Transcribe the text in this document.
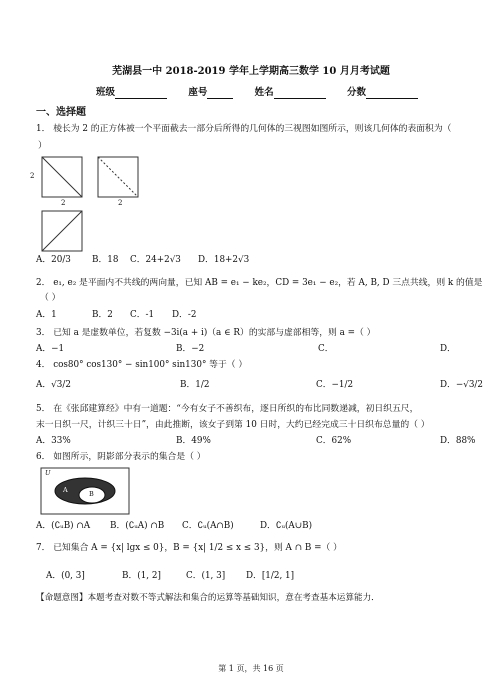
芜湖县一中 2018-2019 学年上学期高三数学 10 月月考试题
班级	座号	姓名	分数
一、选择题
1． 棱长为 2 的正方体被一个平面截去一部分后所得的几何体的三视图如图所示，则该几何体的表面积为（
）
2
2	2
A．20/3 B．18 C．24+2√3 D．18+2√3
2． e₁, e₂ 是平面内不共线的两向量，已知 AB = e₁ − ke₂，CD = 3e₁ − e₂，若 A, B, D 三点共线，则 k 的值是
（ ）
A．1	B．2 C．-1 D．-2
3． 已知 a 是虚数单位，若复数 −3i(a + i)（a ∈ R）的实部与虚部相等，则 a =（ ）
A．−1	B．−2	C．	D．
4． cos80° cos130° − sin100° sin130° 等于（ ）
A．√3/2	B．1/2	C．−1/2	D．−√3/2
5． 在《张邱建算经》中有一道题：“今有女子不善织布，逐日所织的布比同数递减，初日织五尺，
末一日织一尺，计织三十日”，由此推断，该女子到第 10 日时，大约已经完成三十日织布总量的（ ）
A．33%	B．49%	C．62%	D．88%
6． 如图所示，阴影部分表示的集合是（ ）
U
A	B
A．(∁ᵤB) ∩A B．(∁ᵤA) ∩B C．∁ᵤ(A∩B)	D．∁ᵤ(A∪B)
7． 已知集合 A = {x| lgx ≤ 0}，B = {x| 1/2 ≤ x ≤ 3}，则 A ∩ B =（ ）
A．(0, 3]	B．(1, 2]	C．(1, 3] D．[1/2, 1]
【命题意图】本题考查对数不等式解法和集合的运算等基础知识，意在考查基本运算能力．
第 1 页，共 16 页
